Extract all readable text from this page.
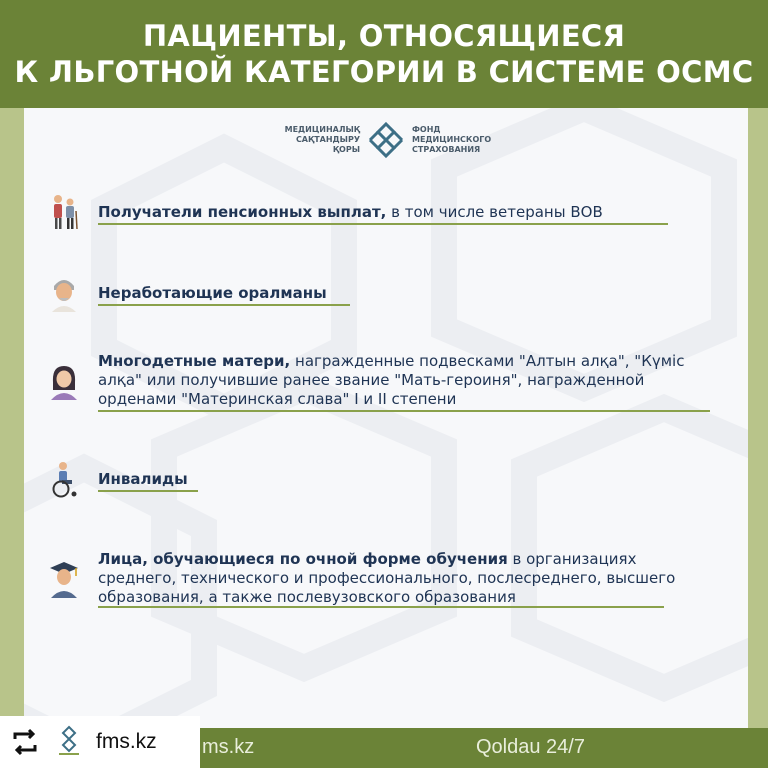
ПАЦИЕНТЫ, ОТНОСЯЩИЕСЯ
К ЛЬГОТНОЙ КАТЕГОРИИ В СИСТЕМЕ ОСМС
МЕДИЦИНАЛЫҚ
САҚТАНДЫРУ
ҚОРЫ
ФОНД
МЕДИЦИНСКОГО
СТРАХОВАНИЯ
Получатели пенсионных выплат, в том числе ветераны ВОВ
Неработающие оралманы
Многодетные матери, награжденные подвесками "Алтын алқа", "Күміс алқа" или получившие ранее звание "Мать-героиня", награжденной орденами "Материнская слава" I и II степени
Инвалиды
Лица, обучающиеся по очной форме обучения в организациях среднего, технического и профессионального, послесреднего, высшего образования, а также послевузовского образования
ms.kz	Qoldau 24/7
fms.kz
